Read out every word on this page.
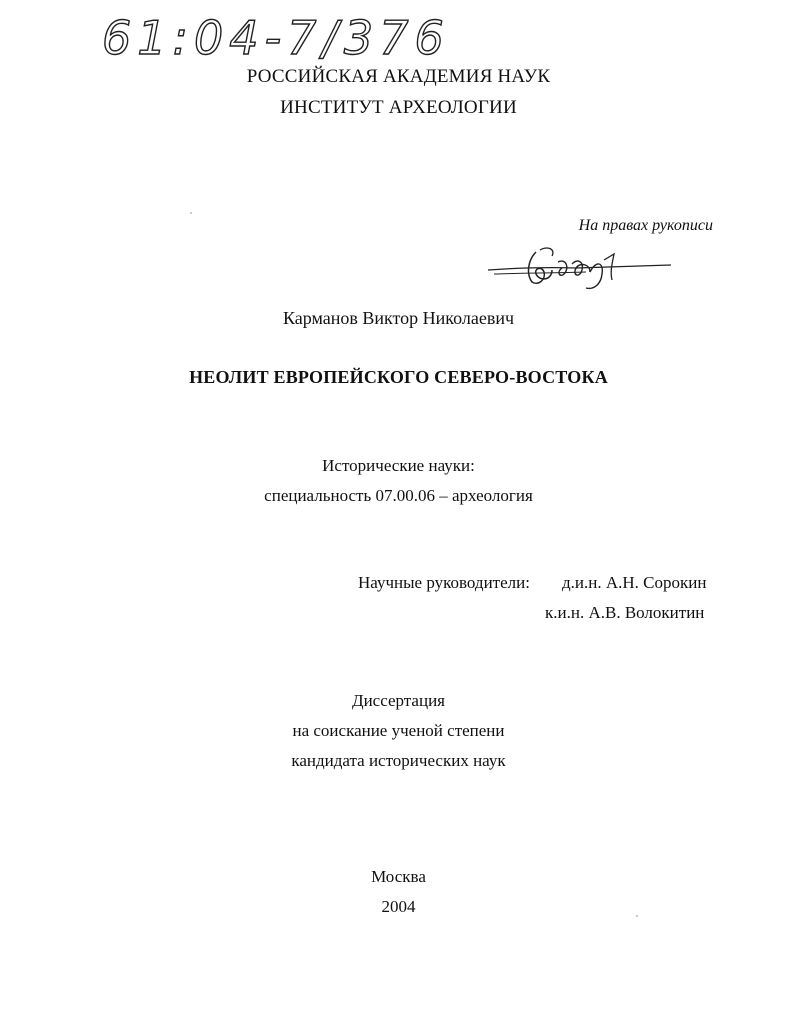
61:04-7/376
РОССИЙСКАЯ АКАДЕМИЯ НАУК
ИНСТИТУТ АРХЕОЛОГИИ
На правах рукописи
Карманов Виктор Николаевич
НЕОЛИТ ЕВРОПЕЙСКОГО СЕВЕРО-ВОСТОКА
Исторические науки:
специальность 07.00.06 – археология
Научные руководители: д.и.н. А.Н. Сорокин
к.и.н. А.В. Волокитин
Диссертация
на соискание ученой степени
кандидата исторических наук
Москва
2004
